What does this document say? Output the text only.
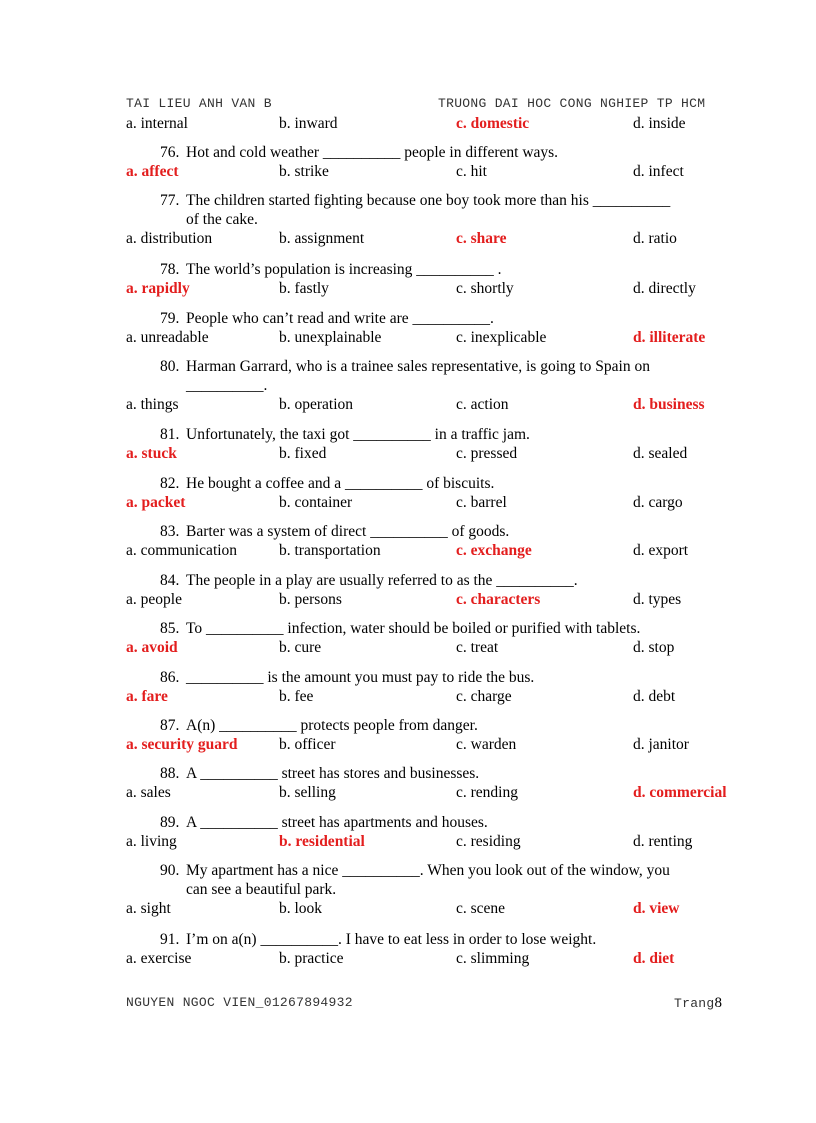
TAI LIEU ANH VAN B	TRUONG DAI HOC CONG NGHIEP TP HCM
a. internal	b. inward	c. domestic	d. inside
76. Hot and cold weather __________ people in different ways.
a. affect	b. strike	c. hit	d. infect
77. The children started fighting because one boy took more than his __________
of the cake.
a. distribution	b. assignment	c. share	d. ratio
78. The world’s population is increasing __________ .
a. rapidly	b. fastly	c. shortly	d. directly
79. People who can’t read and write are __________.
a. unreadable	b. unexplainable	c. inexplicable	d. illiterate
80. Harman Garrard, who is a trainee sales representative, is going to Spain on
__________.
a. things	b. operation	c. action	d. business
81. Unfortunately, the taxi got __________ in a traffic jam.
a. stuck	b. fixed	c. pressed	d. sealed
82. He bought a coffee and a __________ of biscuits.
a. packet	b. container	c. barrel	d. cargo
83. Barter was a system of direct __________ of goods.
a. communication	b. transportation	c. exchange	d. export
84. The people in a play are usually referred to as the __________.
a. people	b. persons	c. characters	d. types
85. To __________ infection, water should be boiled or purified with tablets.
a. avoid	b. cure	c. treat	d. stop
86. __________ is the amount you must pay to ride the bus.
a. fare	b. fee	c. charge	d. debt
87. A(n) __________ protects people from danger.
a. security guard	b. officer	c. warden	d. janitor
88. A __________ street has stores and businesses.
a. sales	b. selling	c. rending	d. commercial
89. A __________ street has apartments and houses.
a. living	b. residential	c. residing	d. renting
90. My apartment has a nice __________. When you look out of the window, you
can see a beautiful park.
a. sight	b. look	c. scene	d. view
91. I’m on a(n) __________. I have to eat less in order to lose weight.
a. exercise	b. practice	c. slimming	d. diet
NGUYEN NGOC VIEN_01267894932	Trang8
